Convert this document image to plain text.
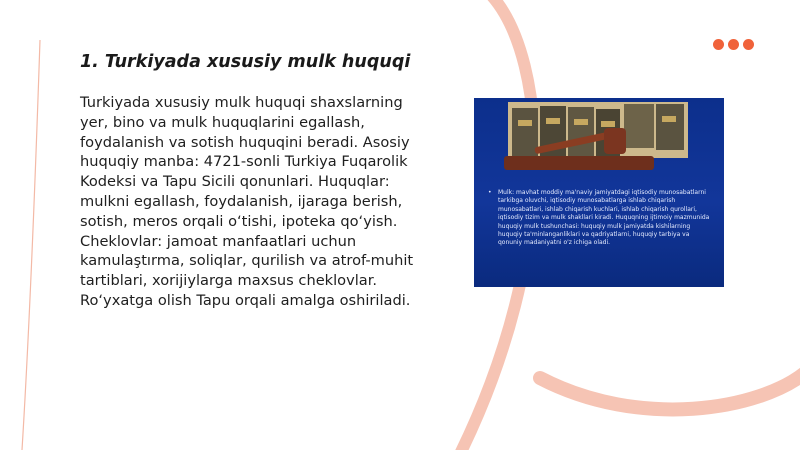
1. Turkiyada xususiy mulk huquqi

Turkiyada xususiy mulk huquqi shaxslarning yer, bino va mulk huquqlarini egallash, foydalanish va sotish huquqini beradi. Asosiy huquqiy manba: 4721-sonli Turkiya Fuqarolik Kodeksi va Tapu Sicili qonunlari. Huquqlar: mulkni egallash, foydalanish, ijaraga berish, sotish, meros orqali o‘tishi, ipoteka qo‘yish. Cheklovlar: jamoat manfaatlari uchun kamulaştırma, soliqlar, qurilish va atrof-muhit tartiblari, xorijiylarga maxsus cheklovlar. Ro‘yxatga olish Tapu orqali amalga oshiriladi.

• Mulk: mavhat moddiy ma'naviy jamiyatdagi iqtisodiy munosabatlarni tarkibga oluvchi, iqtisodiy munosabatlarga ishlab chiqarish munosabatlari, ishlab chiqarish kuchlari, ishlab chiqarish qurollari, iqtisodiy tizim va mulk shakllari kiradi. Huquqning ijtimoiy mazmunida huquqiy mulk tushunchasi: huquqiy mulk jamiyatda kishilarning huquqiy ta'minlanganliklari va qadriyatlarni, huquqiy tarbiya va qonuniy madaniyatni o'z ichiga oladi.
